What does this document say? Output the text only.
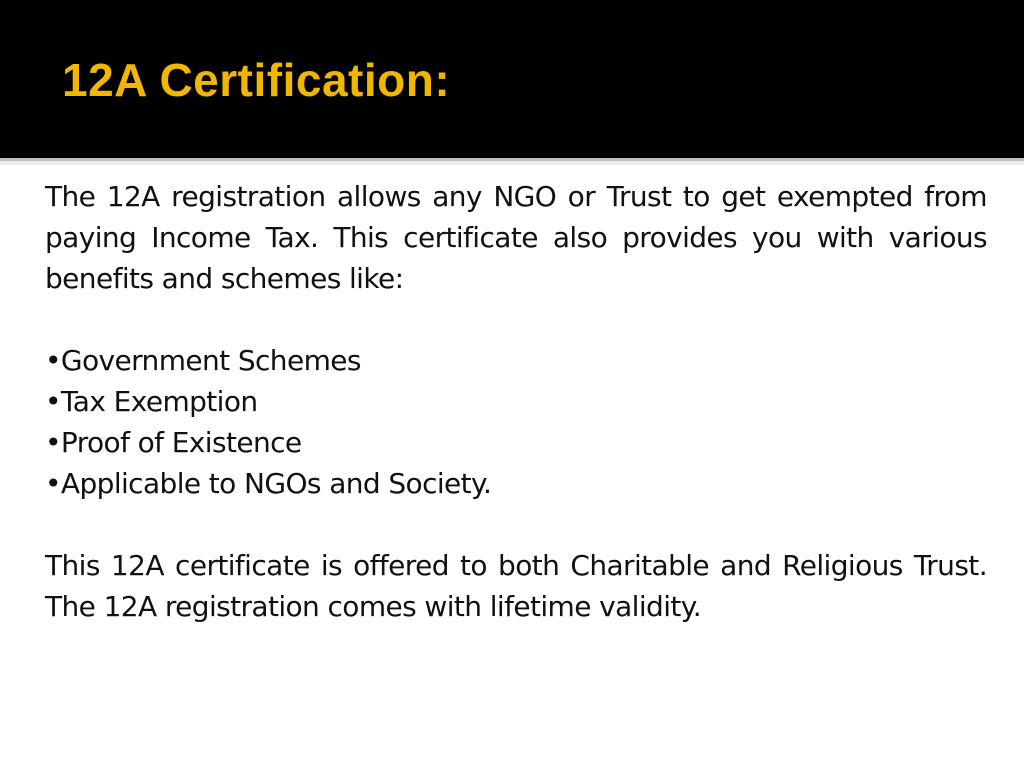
12A Certification:

The 12A registration allows any NGO or Trust to get exempted from paying Income Tax. This certificate also provides you with various benefits and schemes like:

•Government Schemes
•Tax Exemption
•Proof of Existence
•Applicable to NGOs and Society.

This 12A certificate is offered to both Charitable and Religious Trust. The 12A registration comes with lifetime validity.
